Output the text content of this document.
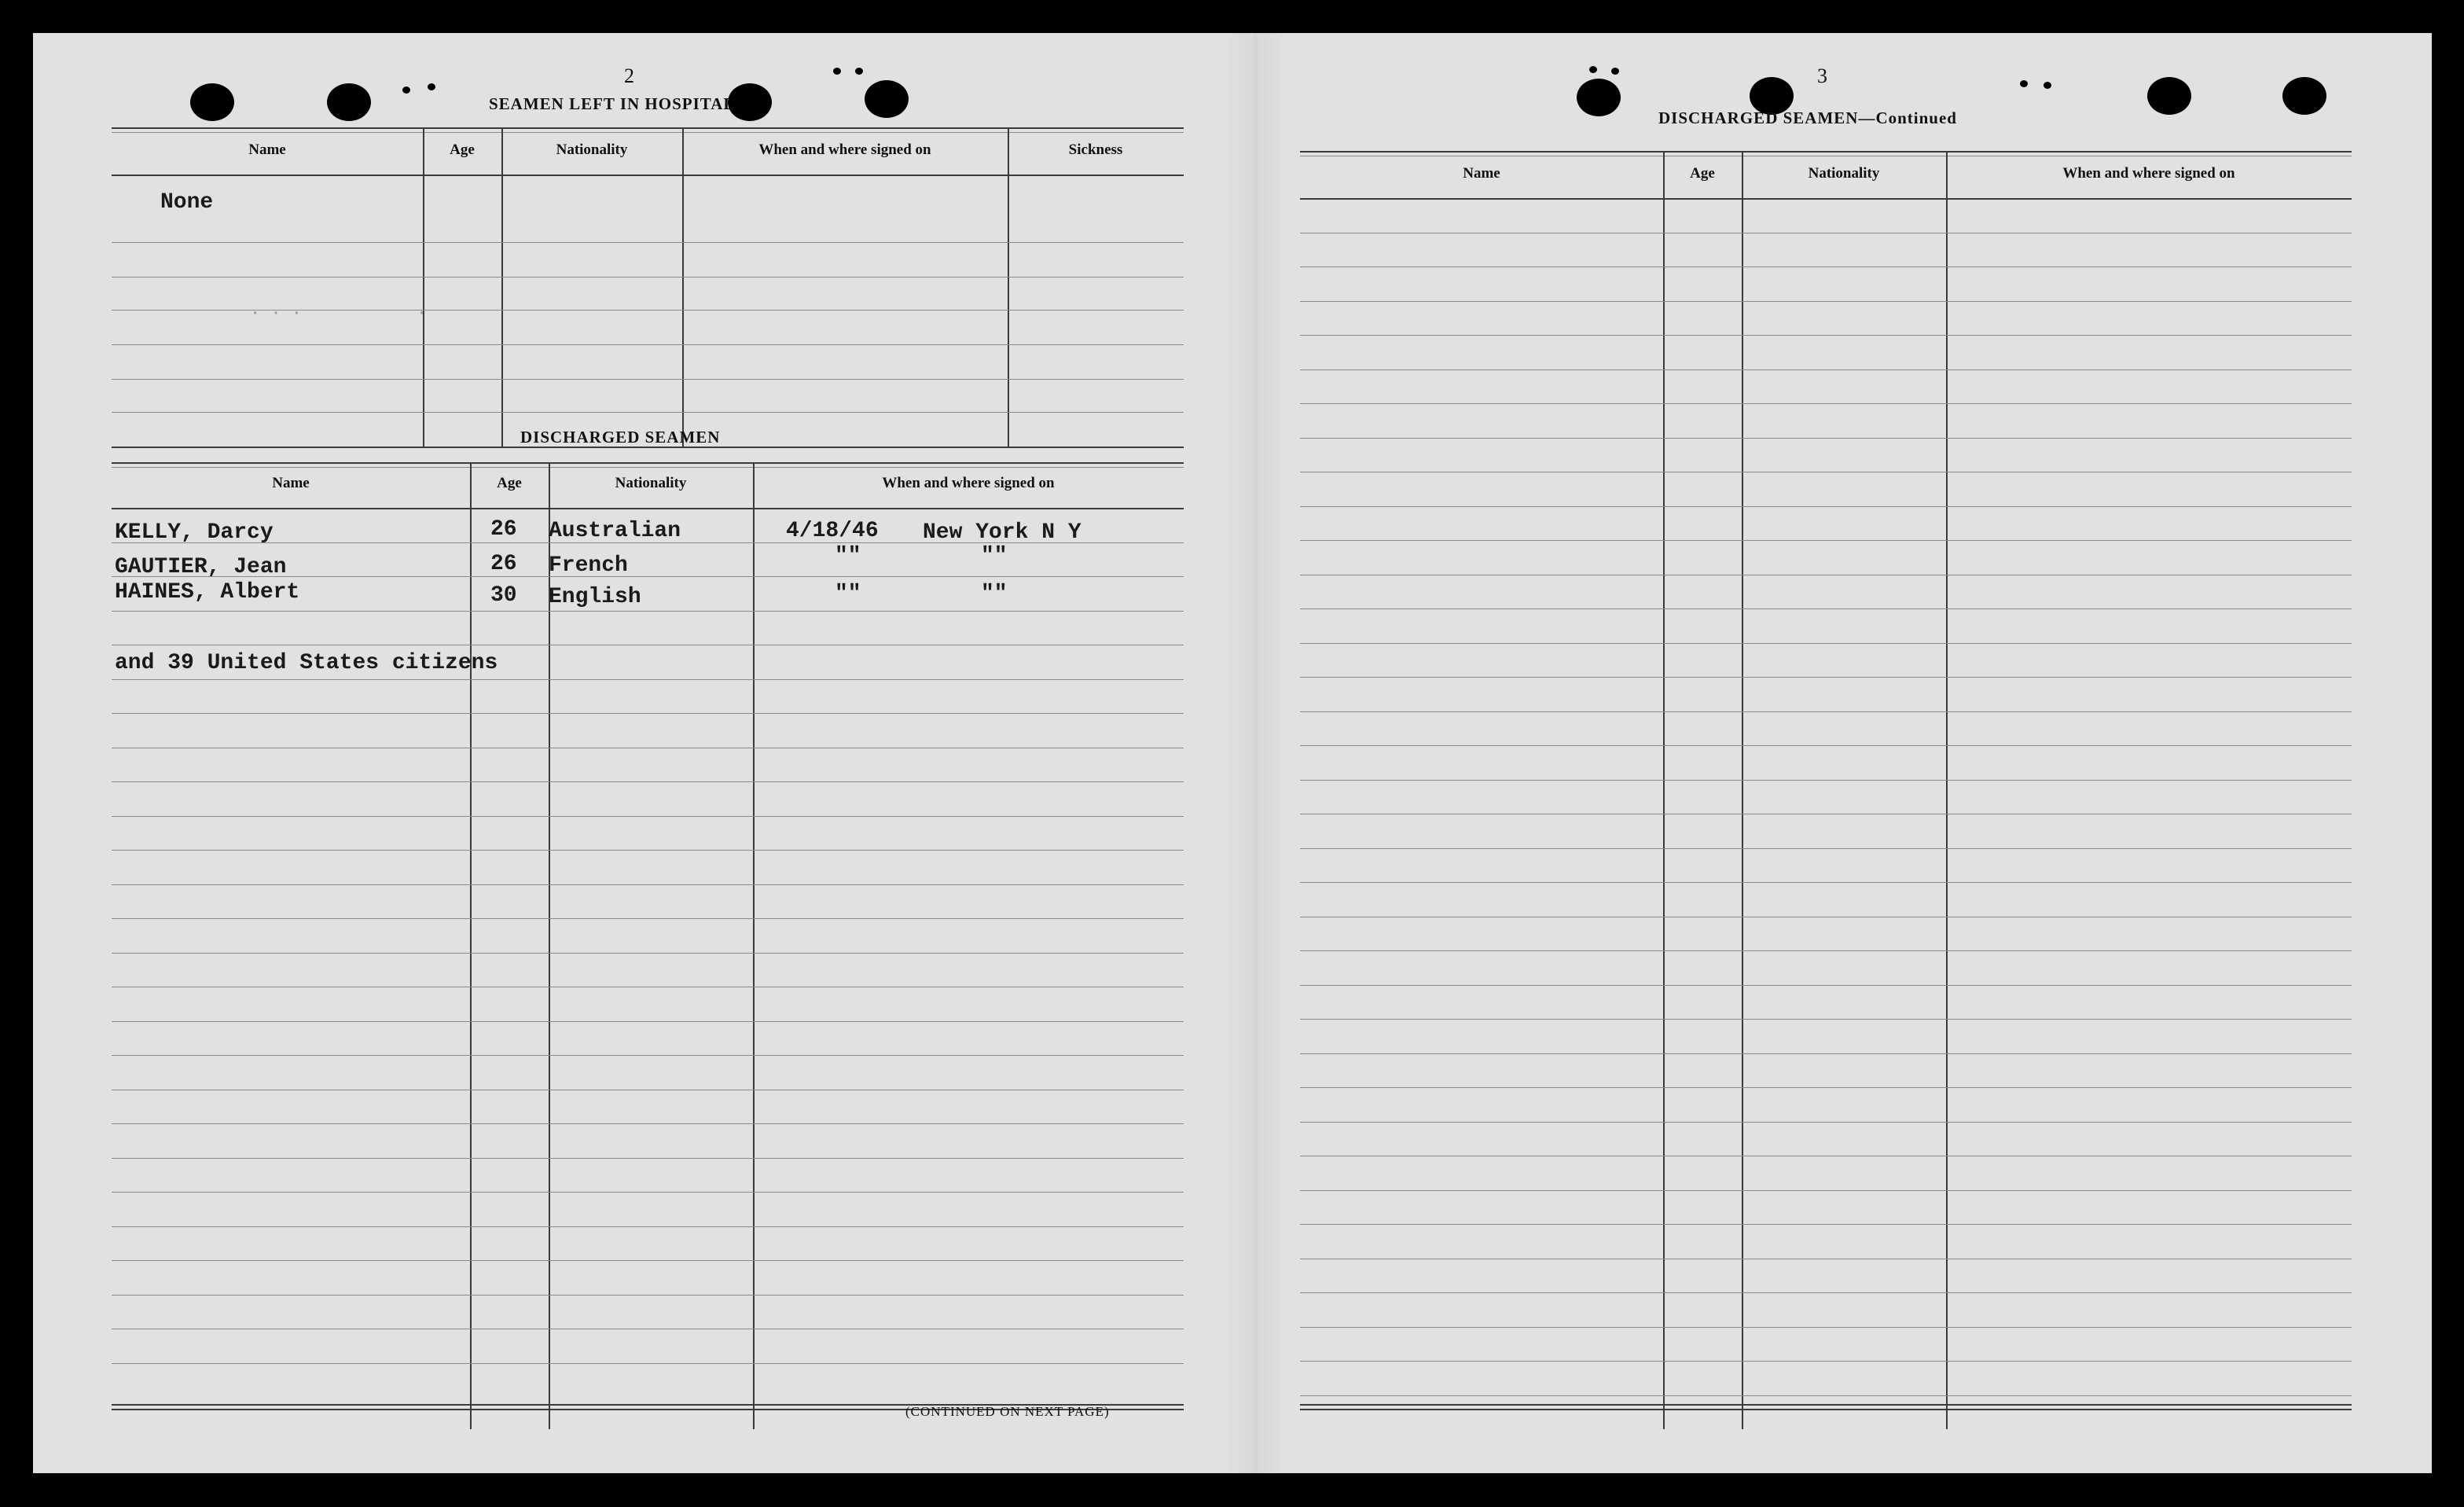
2
SEAMEN LEFT IN HOSPITAL
Name	Age	Nationality	When and where signed on	Sickness
None
· · ·	·
DISCHARGED SEAMEN
Name	Age	Nationality	When and where signed on
KELLY, Darcy	26 Australian	4/18/46 New York N Y
GAUTIER, Jean	26 French	""	""
HAINES, Albert	30 English	""	""
and 39 United States citizens
(CONTINUED ON NEXT PAGE)
3
DISCHARGED SEAMEN—Continued
Name	Age	Nationality	When and where signed on
